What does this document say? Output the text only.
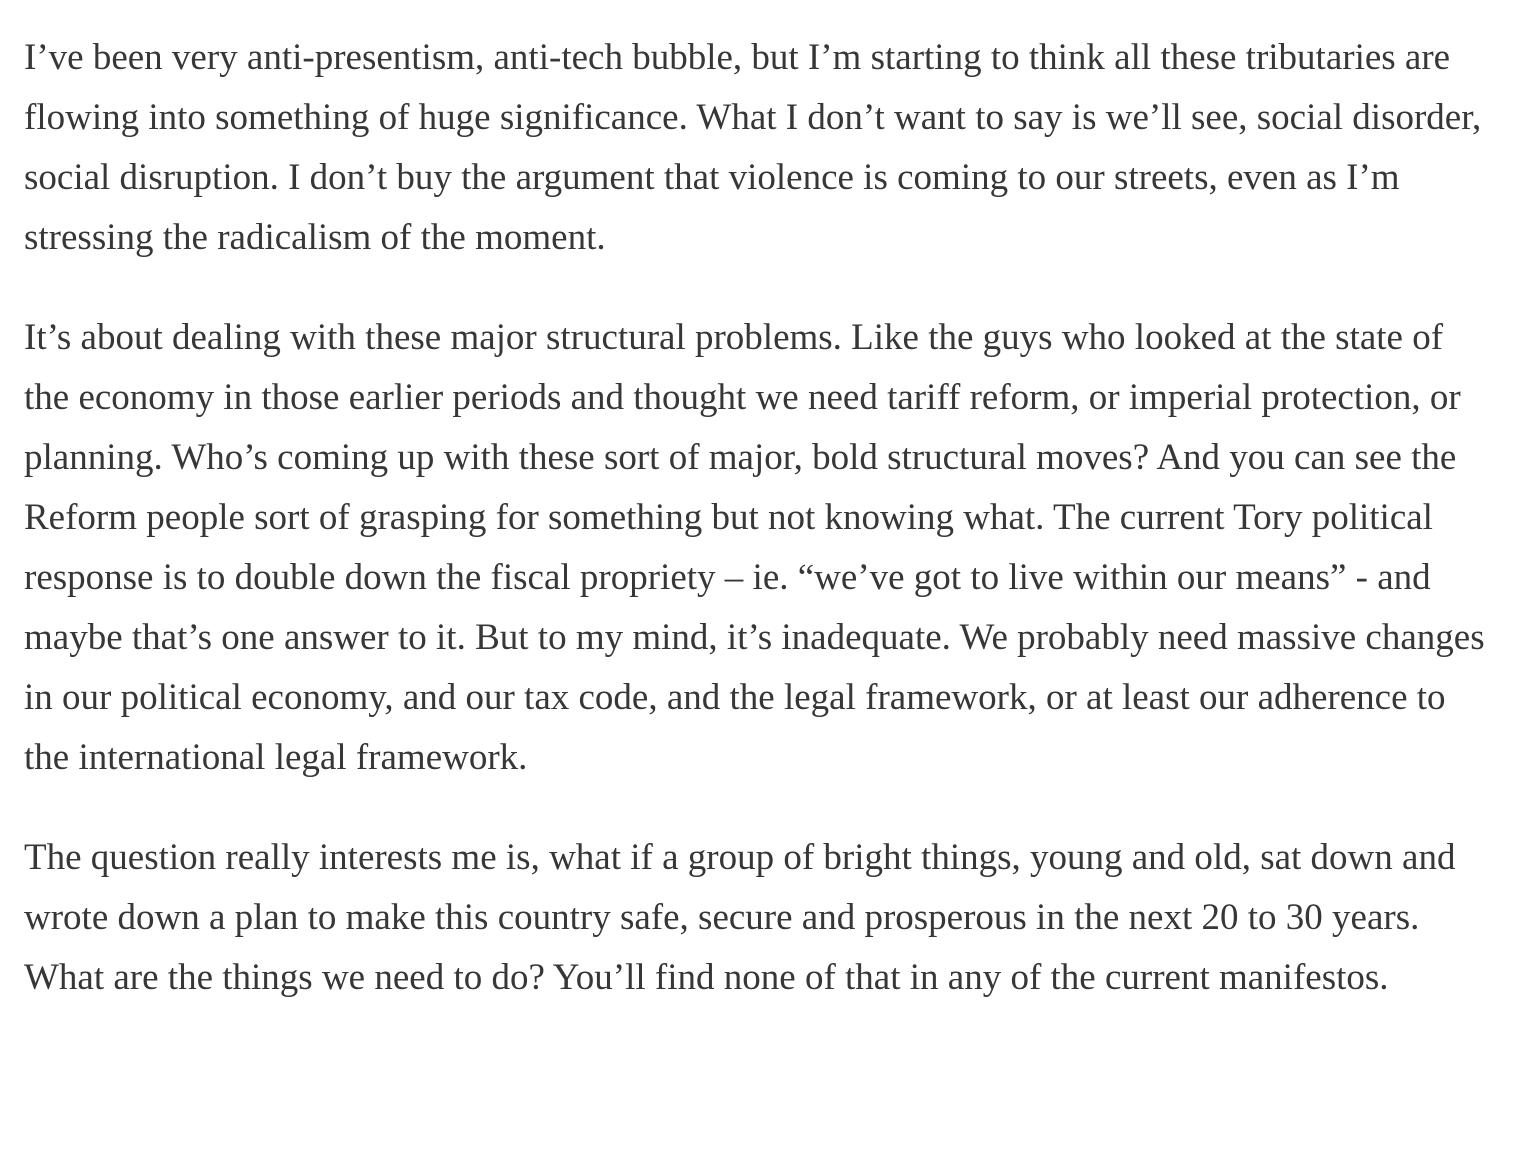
I’ve been very anti-presentism, anti-tech bubble, but I’m starting to think all these tributaries are flowing into something of huge significance. What I don’t want to say is we’ll see, social disorder, social disruption. I don’t buy the argument that violence is coming to our streets, even as I’m stressing the radicalism of the moment.

It’s about dealing with these major structural problems. Like the guys who looked at the state of the economy in those earlier periods and thought we need tariff reform, or imperial protection, or planning. Who’s coming up with these sort of major, bold structural moves? And you can see the Reform people sort of grasping for something but not knowing what. The current Tory political response is to double down the fiscal propriety – ie. “we’ve got to live within our means” - and maybe that’s one answer to it. But to my mind, it’s inadequate. We probably need massive changes in our political economy, and our tax code, and the legal framework, or at least our adherence to the international legal framework.

The question really interests me is, what if a group of bright things, young and old, sat down and wrote down a plan to make this country safe, secure and prosperous in the next 20 to 30 years. What are the things we need to do? You’ll find none of that in any of the current manifestos.
